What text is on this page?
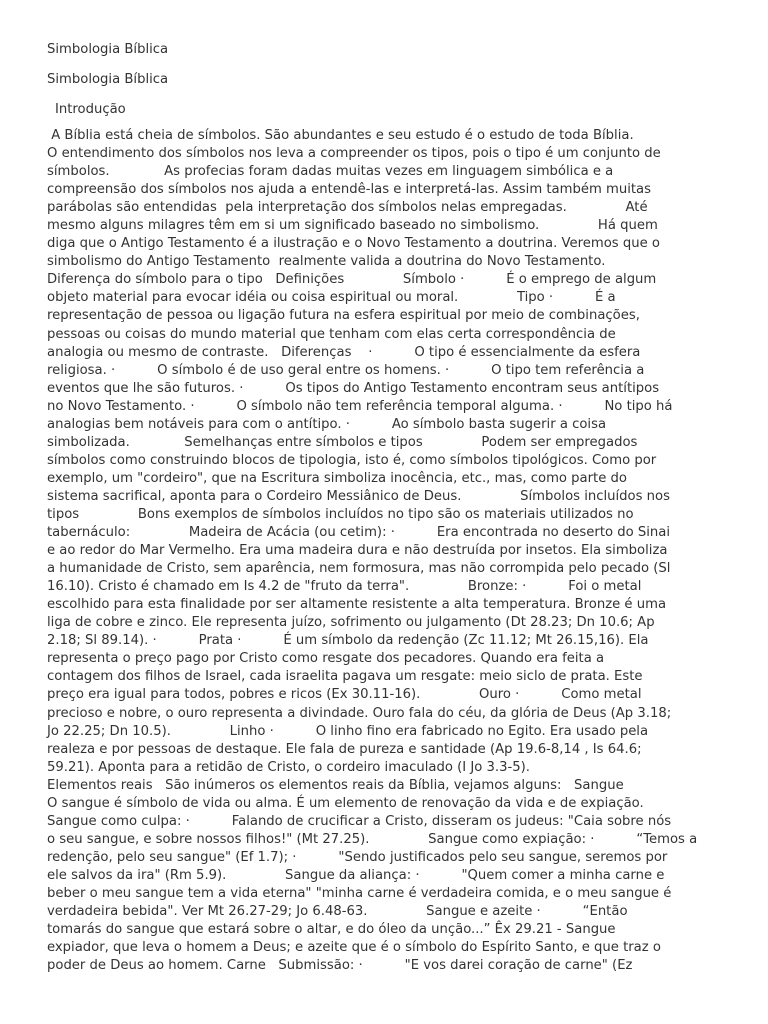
Simbologia Bíblica
Simbologia Bíblica
Introdução
A Bíblia está cheia de símbolos. São abundantes e seu estudo é o estudo de toda Bíblia.
O entendimento dos símbolos nos leva a compreender os tipos, pois o tipo é um conjunto de
símbolos.             As profecias foram dadas muitas vezes em linguagem simbólica e a
compreensão dos símbolos nos ajuda a entendê-las e interpretá-las. Assim também muitas
parábolas são entendidas  pela interpretação dos símbolos nelas empregadas.              Até
mesmo alguns milagres têm em si um significado baseado no simbolismo.              Há quem
diga que o Antigo Testamento é a ilustração e o Novo Testamento a doutrina. Veremos que o
simbolismo do Antigo Testamento  realmente valida a doutrina do Novo Testamento.
Diferença do símbolo para o tipo   Definições              Símbolo ·          É o emprego de algum
objeto material para evocar idéia ou coisa espiritual ou moral.              Tipo ·          É a
representação de pessoa ou ligação futura na esfera espiritual por meio de combinações,
pessoas ou coisas do mundo material que tenham com elas certa correspondência de
analogia ou mesmo de contraste.   Diferenças    ·          O tipo é essencialmente da esfera
religiosa. ·          O símbolo é de uso geral entre os homens. ·          O tipo tem referência a
eventos que lhe são futuros. ·          Os tipos do Antigo Testamento encontram seus antítipos
no Novo Testamento. ·          O símbolo não tem referência temporal alguma. ·          No tipo há
analogias bem notáveis para com o antítipo. ·          Ao símbolo basta sugerir a coisa
simbolizada.             Semelhanças entre símbolos e tipos              Podem ser empregados
símbolos como construindo blocos de tipologia, isto é, como símbolos tipológicos. Como por
exemplo, um "cordeiro", que na Escritura simboliza inocência, etc., mas, como parte do
sistema sacrifical, aponta para o Cordeiro Messiânico de Deus.              Símbolos incluídos nos
tipos              Bons exemplos de símbolos incluídos no tipo são os materiais utilizados no
tabernáculo:              Madeira de Acácia (ou cetim): ·          Era encontrada no deserto do Sinai
e ao redor do Mar Vermelho. Era uma madeira dura e não destruída por insetos. Ela simboliza
a humanidade de Cristo, sem aparência, nem formosura, mas não corrompida pelo pecado (Sl
16.10). Cristo é chamado em Is 4.2 de "fruto da terra".              Bronze: ·          Foi o metal
escolhido para esta finalidade por ser altamente resistente a alta temperatura. Bronze é uma
liga de cobre e zinco. Ele representa juízo, sofrimento ou julgamento (Dt 28.23; Dn 10.6; Ap
2.18; Sl 89.14). ·          Prata ·          É um símbolo da redenção (Zc 11.12; Mt 26.15,16). Ela
representa o preço pago por Cristo como resgate dos pecadores. Quando era feita a
contagem dos filhos de Israel, cada israelita pagava um resgate: meio siclo de prata. Este
preço era igual para todos, pobres e ricos (Ex 30.11-16).              Ouro ·          Como metal
precioso e nobre, o ouro representa a divindade. Ouro fala do céu, da glória de Deus (Ap 3.18;
Jo 22.25; Dn 10.5).              Linho ·          O linho fino era fabricado no Egito. Era usado pela
realeza e por pessoas de destaque. Ele fala de pureza e santidade (Ap 19.6-8,14 , Is 64.6;
59.21). Aponta para a retidão de Cristo, o cordeiro imaculado (I Jo 3.3-5).
Elementos reais   São inúmeros os elementos reais da Bíblia, vejamos alguns:   Sangue
O sangue é símbolo de vida ou alma. É um elemento de renovação da vida e de expiação.
Sangue como culpa: ·          Falando de crucificar a Cristo, disseram os judeus: "Caia sobre nós
o seu sangue, e sobre nossos filhos!" (Mt 27.25).              Sangue como expiação: ·          “Temos a
redenção, pelo seu sangue" (Ef 1.7); ·          "Sendo justificados pelo seu sangue, seremos por
ele salvos da ira" (Rm 5.9).              Sangue da aliança: ·          "Quem comer a minha carne e
beber o meu sangue tem a vida eterna" "minha carne é verdadeira comida, e o meu sangue é
verdadeira bebida". Ver Mt 26.27-29; Jo 6.48-63.              Sangue e azeite ·          “Então
tomarás do sangue que estará sobre o altar, e do óleo da unção...” Êx 29.21 - Sangue
expiador, que leva o homem a Deus; e azeite que é o símbolo do Espírito Santo, e que traz o
poder de Deus ao homem. Carne   Submissão: ·          "E vos darei coração de carne" (Ez
